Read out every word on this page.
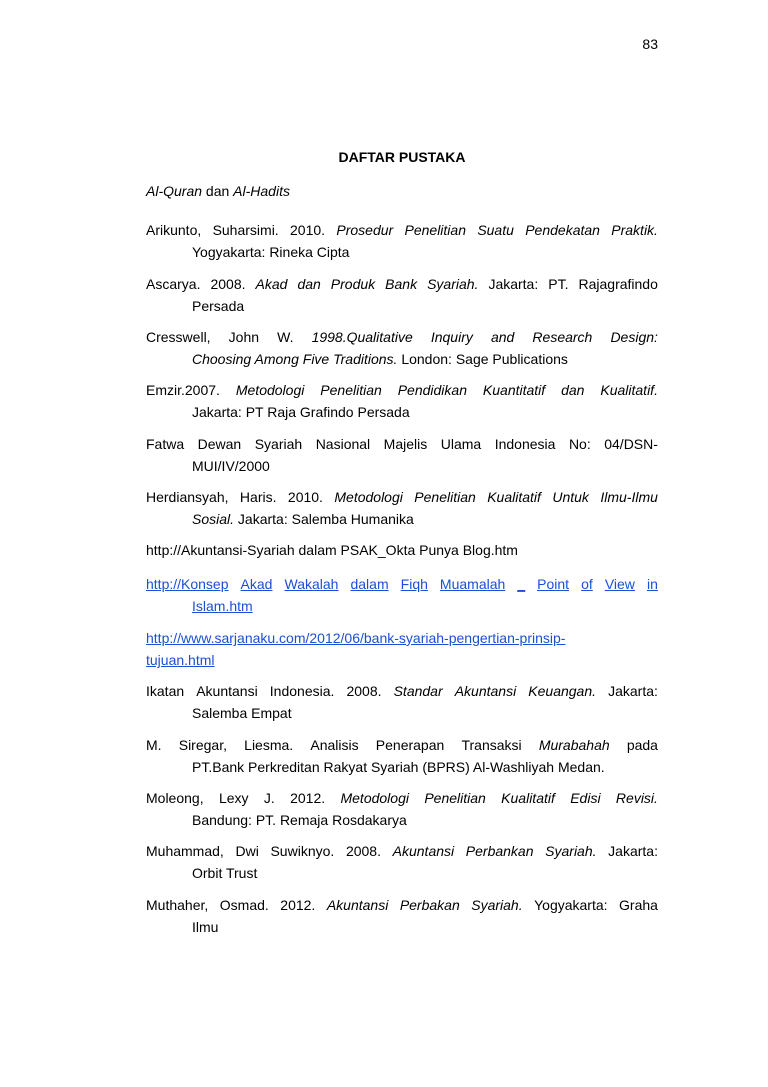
83
DAFTAR PUSTAKA
Al-Quran dan Al-Hadits
Arikunto, Suharsimi. 2010. Prosedur Penelitian Suatu Pendekatan Praktik.
Yogyakarta: Rineka Cipta
Ascarya. 2008. Akad dan Produk Bank Syariah. Jakarta: PT. Rajagrafindo
Persada
Cresswell, John W. 1998.Qualitative Inquiry and Research Design:
Choosing Among Five Traditions. London: Sage Publications
Emzir.2007. Metodologi Penelitian Pendidikan Kuantitatif dan Kualitatif.
Jakarta: PT Raja Grafindo Persada
Fatwa Dewan Syariah Nasional Majelis Ulama Indonesia No: 04/DSN-
MUI/IV/2000
Herdiansyah, Haris. 2010. Metodologi Penelitian Kualitatif Untuk Ilmu-Ilmu
Sosial. Jakarta: Salemba Humanika
http://Akuntansi-Syariah dalam PSAK_Okta Punya Blog.htm
http://Konsep Akad Wakalah dalam Fiqh Muamalah _ Point of View in
Islam.htm
http://www.sarjanaku.com/2012/06/bank-syariah-pengertian-prinsip-
tujuan.html
Ikatan Akuntansi Indonesia. 2008. Standar Akuntansi Keuangan. Jakarta:
Salemba Empat
M. Siregar, Liesma. Analisis Penerapan Transaksi Murabahah pada
PT.Bank Perkreditan Rakyat Syariah (BPRS) Al-Washliyah Medan.
Moleong, Lexy J. 2012. Metodologi Penelitian Kualitatif Edisi Revisi.
Bandung: PT. Remaja Rosdakarya
Muhammad, Dwi Suwiknyo. 2008. Akuntansi Perbankan Syariah. Jakarta:
Orbit Trust
Muthaher, Osmad. 2012. Akuntansi Perbakan Syariah. Yogyakarta: Graha
Ilmu
